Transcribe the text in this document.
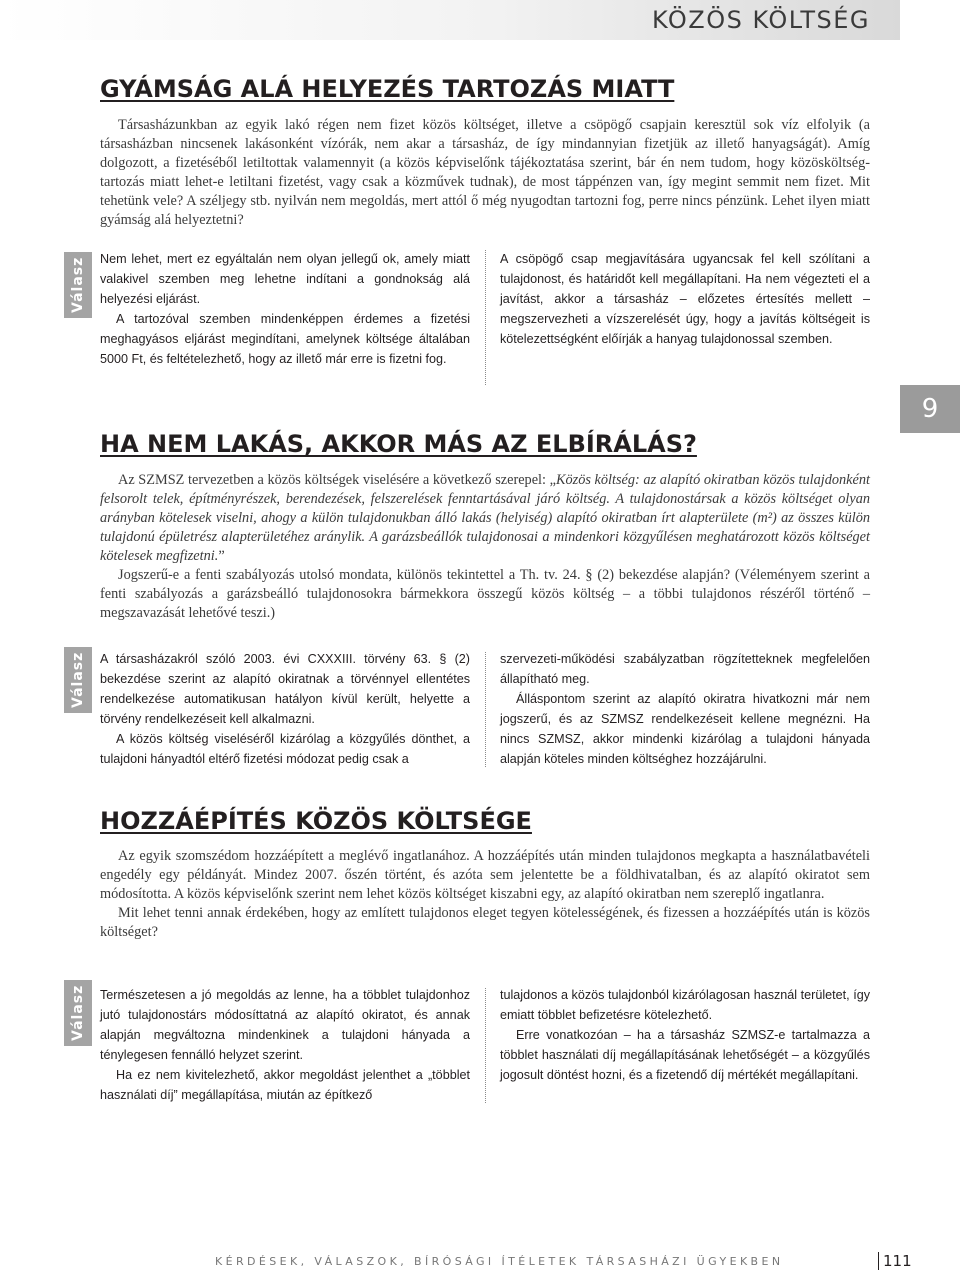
KÖZÖS KÖLTSÉG
GYÁMSÁG ALÁ HELYEZÉS TARTOZÁS MIATT

Társasházunkban az egyik lakó régen nem fizet közös költséget, illetve a csöpögő csapjain keresztül sok víz elfolyik (a társasházban nincsenek lakásonként vízórák, nem akar a társasház, de így mindannyian fizetjük az illető hanyagságát). Amíg dolgozott, a fizetéséből letiltottak valamennyit (a közös képviselőnk tájékoztatása szerint, bár én nem tudom, hogy közösköltség-tartozás miatt lehet-e letiltani fizetést, vagy csak a közművek tudnak), de most táppénzen van, így megint semmit nem fizet. Mit tehetünk vele? A széljegy stb. nyilván nem megoldás, mert attól ő még nyugodtan tartozni fog, perre nincs pénzünk. Lehet ilyen miatt gyámság alá helyeztetni?

Válasz	Nem lehet, mert ez egyáltalán nem olyan jellegű ok, amely miatt valakivel szemben meg lehetne indítani a gondnokság alá helyezési eljárást.

A tartozóval szemben mindenképpen érdemes a fizetési meghagyásos eljárást megindítani, amelynek költsége általában 5000 Ft, és feltételezhető, hogy az illető már erre is fizetni fog.

A csöpögő csap megjavítására ugyancsak fel kell szólítani a tulajdonost, és határidőt kell megállapítani. Ha nem végezteti el a javítást, akkor a társasház – előzetes értesítés mellett – megszervezheti a vízszerelését úgy, hogy a javítás költségeit is kötelezettségként előírják a hanyag tulajdonossal szemben.

9
HA NEM LAKÁS, AKKOR MÁS AZ ELBÍRÁLÁS?

Az SZMSZ tervezetben a közös költségek viselésére a következő szerepel: „Közös költség: az alapító okiratban közös tulajdonként felsorolt telek, építményrészek, berendezések, felszerelések fenntartásával járó költség. A tulajdonostársak a közös költséget olyan arányban kötelesek viselni, ahogy a külön tulajdonukban álló lakás (helyiség) alapító okiratban írt alapterülete (m²) az összes külön tulajdonú épületrész alapterületéhez aránylik. A garázsbeállók tulajdonosai a mindenkori közgyűlésen meghatározott közös költséget kötelesek megfizetni.”

Jogszerű-e a fenti szabályozás utolsó mondata, különös tekintettel a Th. tv. 24. § (2) bekezdése alapján? (Véleményem szerint a fenti szabályozás a garázsbeálló tulajdonosokra bármekkora összegű közös költség – a többi tulajdonos részéről történő – megszavazását lehetővé teszi.)

Válasz	A társasházakról szóló 2003. évi CXXXIII. törvény 63. § (2) bekezdése szerint az alapító okiratnak a törvénnyel ellentétes rendelkezése automatikusan hatályon kívül került, helyette a törvény rendelkezéseit kell alkalmazni.

A közös költség viseléséről kizárólag a közgyűlés dönthet, a tulajdoni hányadtól eltérő fizetési módozat pedig csak a

szervezeti-működési szabályzatban rögzítetteknek megfelelően állapítható meg.

Álláspontom szerint az alapító okiratra hivatkozni már nem jogszerű, és az SZMSZ rendelkezéseit kellene megnézni. Ha nincs SZMSZ, akkor mindenki kizárólag a tulajdoni hányada alapján köteles minden költséghez hozzájárulni.

HOZZÁÉPÍTÉS KÖZÖS KÖLTSÉGE

Az egyik szomszédom hozzáépített a meglévő ingatlanához. A hozzáépítés után minden tulajdonos megkapta a használatbavételi engedély egy példányát. Mindez 2007. őszén történt, és azóta sem jelentette be a földhivatalban, és az alapító okiratot sem módosította. A közös képviselőnk szerint nem lehet közös költséget kiszabni egy, az alapító okiratban nem szereplő ingatlanra.

Mit lehet tenni annak érdekében, hogy az említett tulajdonos eleget tegyen kötelességének, és fizessen a hozzáépítés után is közös költséget?

Válasz	Természetesen a jó megoldás az lenne, ha a többlet tulajdonhoz jutó tulajdonostárs módosíttatná az alapító okiratot, és annak alapján megváltozna mindenkinek a tulajdoni hányada a ténylegesen fennálló helyzet szerint.

Ha ez nem kivitelezhető, akkor megoldást jelenthet a „többlet használati díj” megállapítása, miután az építkező

tulajdonos a közös tulajdonból kizárólagosan használ területet, így emiatt többlet befizetésre kötelezhető.

Erre vonatkozóan – ha a társasház SZMSZ-e tartalmazza a többlet használati díj megállapításának lehetőségét – a közgyűlés jogosult döntést hozni, és a fizetendő díj mértékét megállapítani.

KÉRDÉSEK, VÁLASZOK, BÍRÓSÁGI ÍTÉLETEK TÁRSASHÁZI ÜGYEKBEN	111
